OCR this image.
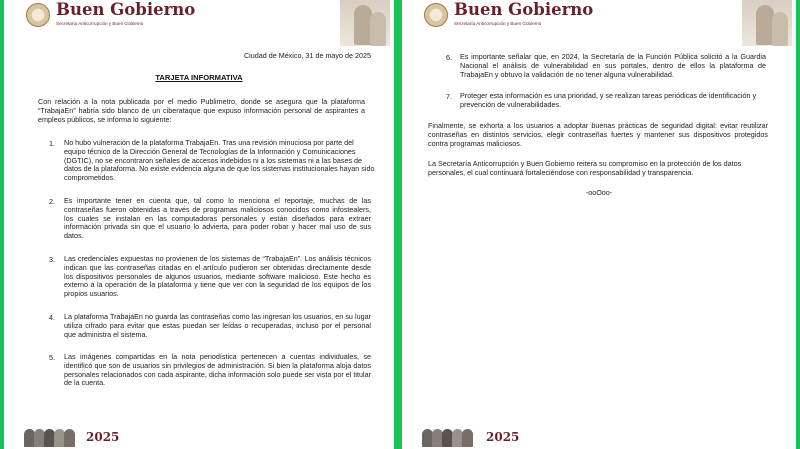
Buen Gobierno
Secretaría Anticorrupción y Buen Gobierno
Ciudad de México, 31 de mayo de 2025
TARJETA INFORMATIVA
Con relación a la nota publicada por el medio Publimetro, donde se asegura que la plataforma “TrabajaEn” habría sido blanco de un ciberataque que expuso información personal de aspirantes a empleos públicos, se informa lo siguiente:
1. No hubo vulneración de la plataforma TrabajaEn. Tras una revisión minuciosa por parte del equipo técnico de la Dirección General de Tecnologías de la Información y Comunicaciones (DGTIC), no se encontraron señales de accesos indebidos ni a los sistemas ni a las bases de datos de la plataforma. No existe evidencia alguna de que los sistemas institucionales hayan sido comprometidos.
2. Es importante tener en cuenta que, tal como lo menciona el reportaje, muchas de las contraseñas fueron obtenidas a través de programas maliciosos conocidos como infostealers, los cuales se instalan en las computadoras personales y están diseñados para extraer información privada sin que el usuario lo advierta, para poder robar y hacer mal uso de sus datos.
3. Las credenciales expuestas no provienen de los sistemas de “TrabajaEn”. Los análisis técnicos indican que las contraseñas citadas en el artículo pudieron ser obtenidas directamente desde los dispositivos personales de algunos usuarios, mediante software malicioso. Este hecho es externo a la operación de la plataforma y tiene que ver con la seguridad de los equipos de los propios usuarios.
4. La plataforma TrabajaEn no guarda las contraseñas como las ingresan los usuarios, en su lugar utiliza cifrado para evitar que estas puedan ser leídas o recuperadas, incluso por el personal que administra el sistema.
5. Las imágenes compartidas en la nota periodística pertenecen a cuentas individuales, se identificó que son de usuarios sin privilegios de administración. Si bien la plataforma aloja datos personales relacionados con cada aspirante, dicha información solo puede ser vista por el titular de la cuenta.
2025
Buen Gobierno
Secretaría Anticorrupción y Buen Gobierno
6. Es importante señalar que, en 2024, la Secretaría de la Función Pública solicitó a la Guardia Nacional el análisis de vulnerabilidad en sus portales, dentro de ellos la plataforma de TrabajaEn y obtuvo la validación de no tener alguna vulnerabilidad.
7. Proteger esta información es una prioridad, y se realizan tareas periódicas de identificación y prevención de vulnerabilidades.
Finalmente, se exhorta a los usuarios a adoptar buenas prácticas de seguridad digital: evitar reutilizar contraseñas en distintos servicios, elegir contraseñas fuertes y mantener sus dispositivos protegidos contra programas maliciosos.
La Secretaría Anticorrupción y Buen Gobierno reitera su compromiso en la protección de los datos personales, el cual continuará fortaleciéndose con responsabilidad y transparencia.
-ooOoo-
2025
